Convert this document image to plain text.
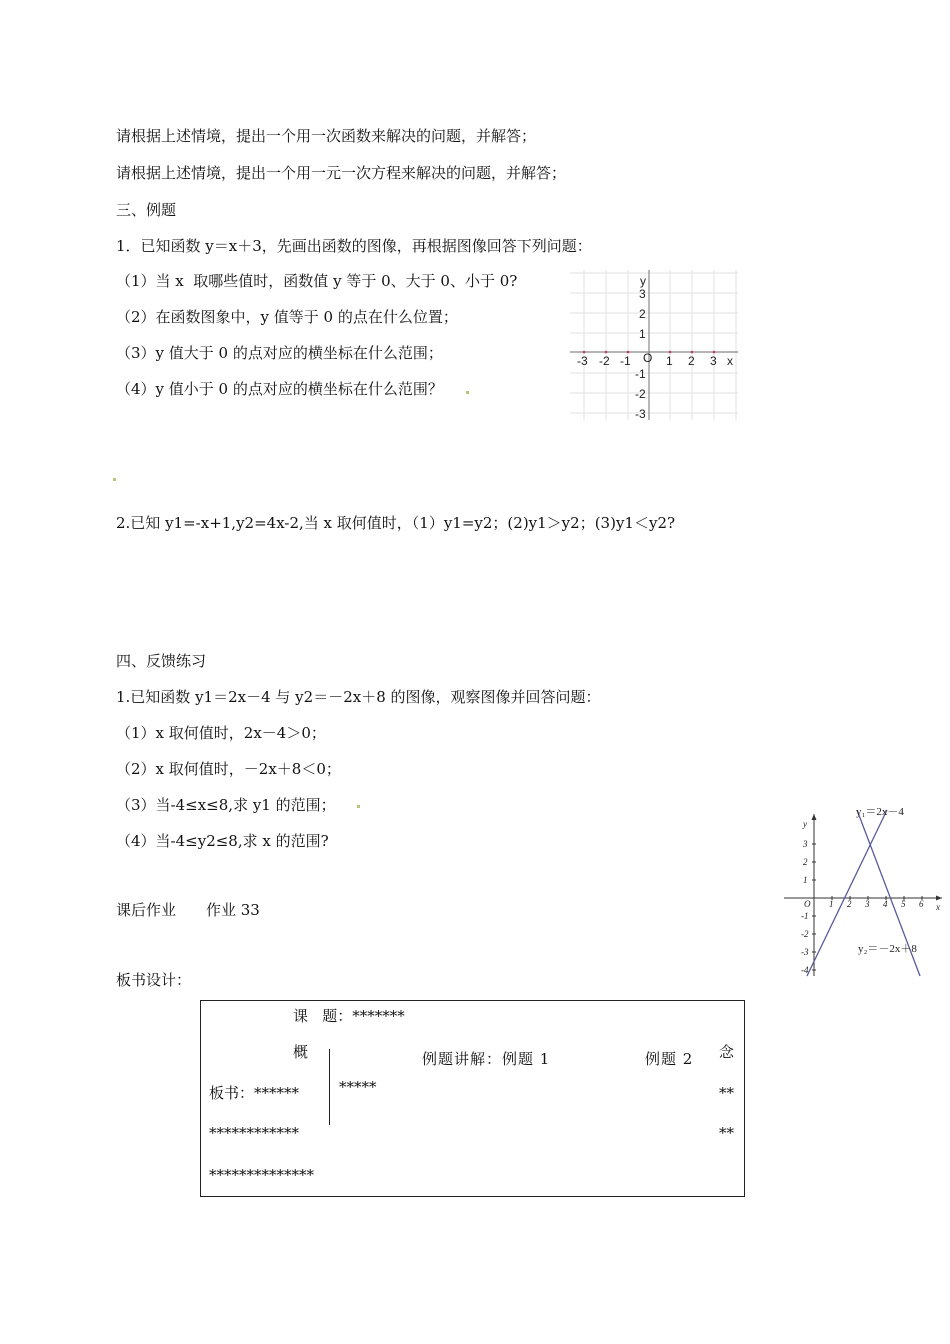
请根据上述情境，提出一个用一次函数来解决的问题，并解答；
请根据上述情境，提出一个用一元一次方程来解决的问题，并解答；
三、例题
1．已知函数 y＝x＋3，先画出函数的图像，再根据图像回答下列问题：
（1）当 x  取哪些值时，函数值 y 等于 0、大于 0、小于 0?
（2）在函数图象中，y 值等于 0 的点在什么位置；
（3）y 值大于 0 的点对应的横坐标在什么范围；
（4）y 值小于 0 的点对应的横坐标在什么范围？
y
x
O
-3 -2 -1	1 2 3
3
2
1
-1
-2
-3
2.已知 y1=-x+1,y2=4x-2,当 x 取何值时，（1）y1=y2；(2)y1＞y2；(3)y1＜y2?
四、反馈练习
1.已知函数 y1＝2x－4 与 y2＝－2x＋8 的图像，观察图像并回答问题：
（1）x 取何值时，2x－4＞0；
（2）x 取何值时，－2x＋8＜0；
（3）当-4≤x≤8,求 y1 的范围；
（4）当-4≤y2≤8,求 x 的范围?
y
x
O 1 2 3 4 5 6
3
2
1
-1
-2
-3
-4
y₁＝2x－4
y₂＝－2x＋8
课后作业 作业 33
板书设计：
课   题：*******
概	例题讲解：例题 1	例题 2 念
板书：******	*****	**
************	**
**************
